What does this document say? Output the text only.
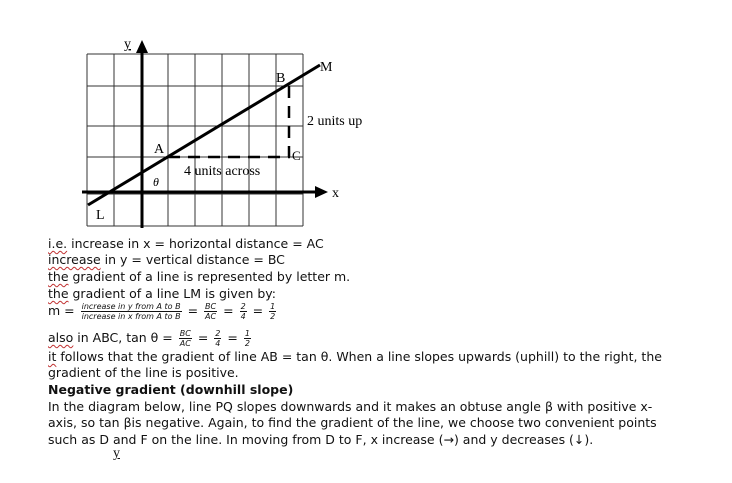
y
x
M
B
A	C
L
θ
2 units up
4 units across
i.e. increase in x = horizontal distance = AC
increase in y = vertical distance = BC
the gradient of a line is represented by letter m.
the gradient of a line LM is given by:
$m = \frac{\text{increase in y from A to B}}{\text{increase in x from A to B}} = \frac{BC}{AC} = \frac{2}{4} = \frac{1}{2}$
also in ABC, $\tan \theta = \frac{BC}{AC} = \frac{2}{4} = \frac{1}{2}$
it follows that the gradient of line AB = tan θ. When a line slopes upwards (uphill) to the right, the
gradient of the line is positive.
Negative gradient (downhill slope)
In the diagram below, line PQ slopes downwards and it makes an obtuse angle β with positive x-
axis, so tan βis negative. Again, to find the gradient of the line, we choose two convenient points
such as D and F on the line. In moving from D to F, x increase (→) and y decreases (↓).
y
